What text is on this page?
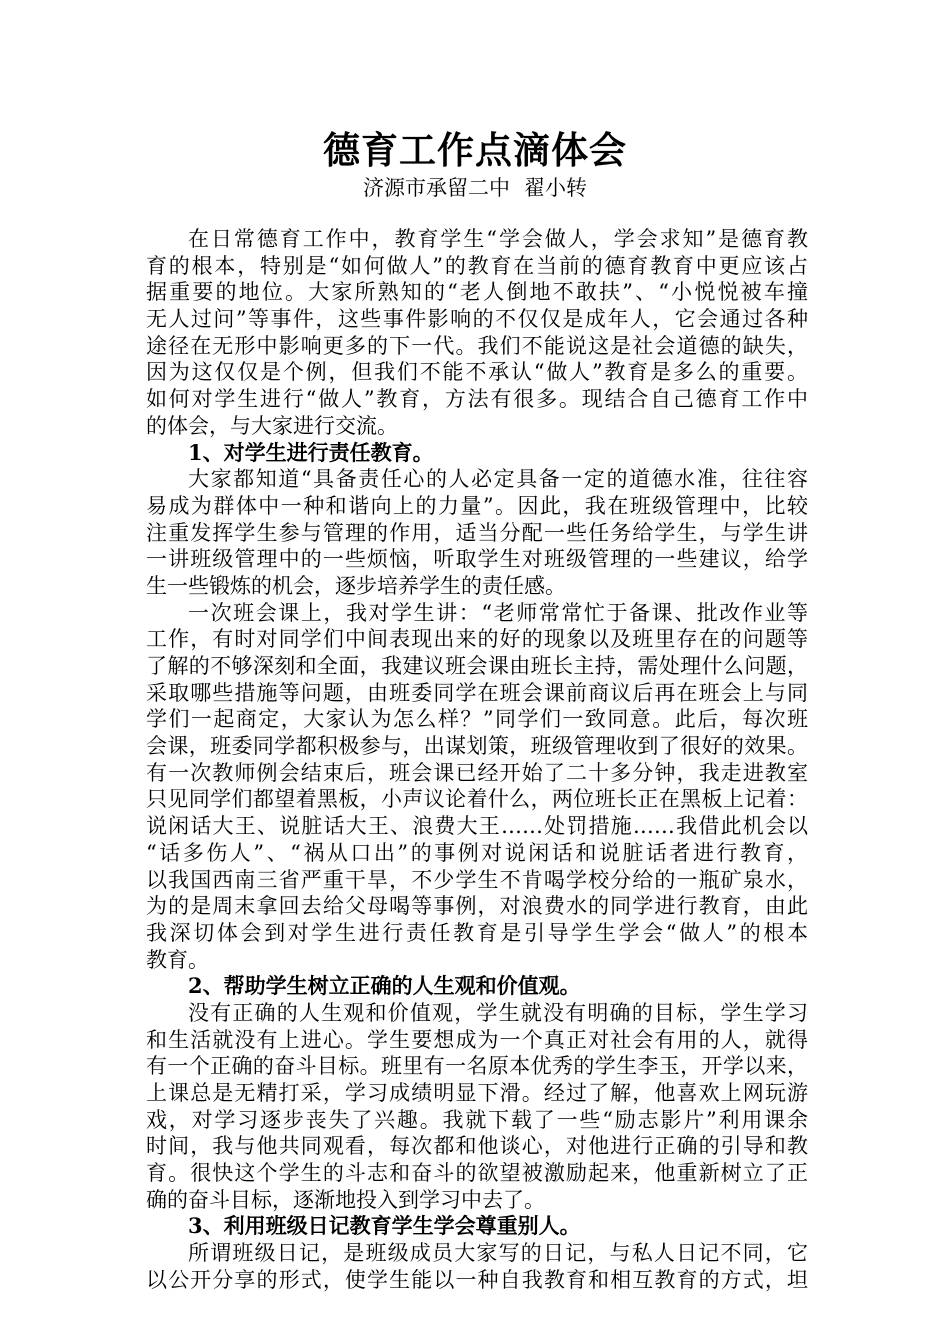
德育工作点滴体会
济源市承留二中 翟小转
在日常德育工作中，教育学生“学会做人，学会求知”是德育教
育的根本，特别是“如何做人”的教育在当前的德育教育中更应该占
据重要的地位。大家所熟知的“老人倒地不敢扶”、“小悦悦被车撞
无人过问”等事件，这些事件影响的不仅仅是成年人，它会通过各种
途径在无形中影响更多的下一代。我们不能说这是社会道德的缺失，
因为这仅仅是个例，但我们不能不承认“做人”教育是多么的重要。
如何对学生进行“做人”教育，方法有很多。现结合自己德育工作中
的体会，与大家进行交流。
1、对学生进行责任教育。
大家都知道“具备责任心的人必定具备一定的道德水准，往往容
易成为群体中一种和谐向上的力量”。因此，我在班级管理中，比较
注重发挥学生参与管理的作用，适当分配一些任务给学生，与学生讲
一讲班级管理中的一些烦恼，听取学生对班级管理的一些建议，给学
生一些锻炼的机会，逐步培养学生的责任感。
一次班会课上，我对学生讲：“老师常常忙于备课、批改作业等
工作，有时对同学们中间表现出来的好的现象以及班里存在的问题等
了解的不够深刻和全面，我建议班会课由班长主持，需处理什么问题，
采取哪些措施等问题，由班委同学在班会课前商议后再在班会上与同
学们一起商定，大家认为怎么样？”同学们一致同意。此后，每次班
会课，班委同学都积极参与，出谋划策，班级管理收到了很好的效果。
有一次教师例会结束后，班会课已经开始了二十多分钟，我走进教室
只见同学们都望着黑板，小声议论着什么，两位班长正在黑板上记着：
说闲话大王、说脏话大王、浪费大王……处罚措施……我借此机会以
“话多伤人”、“祸从口出”的事例对说闲话和说脏话者进行教育，
以我国西南三省严重干旱，不少学生不肯喝学校分给的一瓶矿泉水，
为的是周末拿回去给父母喝等事例，对浪费水的同学进行教育，由此
我深切体会到对学生进行责任教育是引导学生学会“做人”的根本
教育。
2、帮助学生树立正确的人生观和价值观。
没有正确的人生观和价值观，学生就没有明确的目标，学生学习
和生活就没有上进心。学生要想成为一个真正对社会有用的人，就得
有一个正确的奋斗目标。班里有一名原本优秀的学生李玉，开学以来，
上课总是无精打采，学习成绩明显下滑。经过了解，他喜欢上网玩游
戏，对学习逐步丧失了兴趣。我就下载了一些“励志影片”利用课余
时间，我与他共同观看，每次都和他谈心，对他进行正确的引导和教
育。很快这个学生的斗志和奋斗的欲望被激励起来，他重新树立了正
确的奋斗目标，逐渐地投入到学习中去了。
3、利用班级日记教育学生学会尊重别人。
所谓班级日记，是班级成员大家写的日记，与私人日记不同，它
以公开分享的形式，使学生能以一种自我教育和相互教育的方式，坦
